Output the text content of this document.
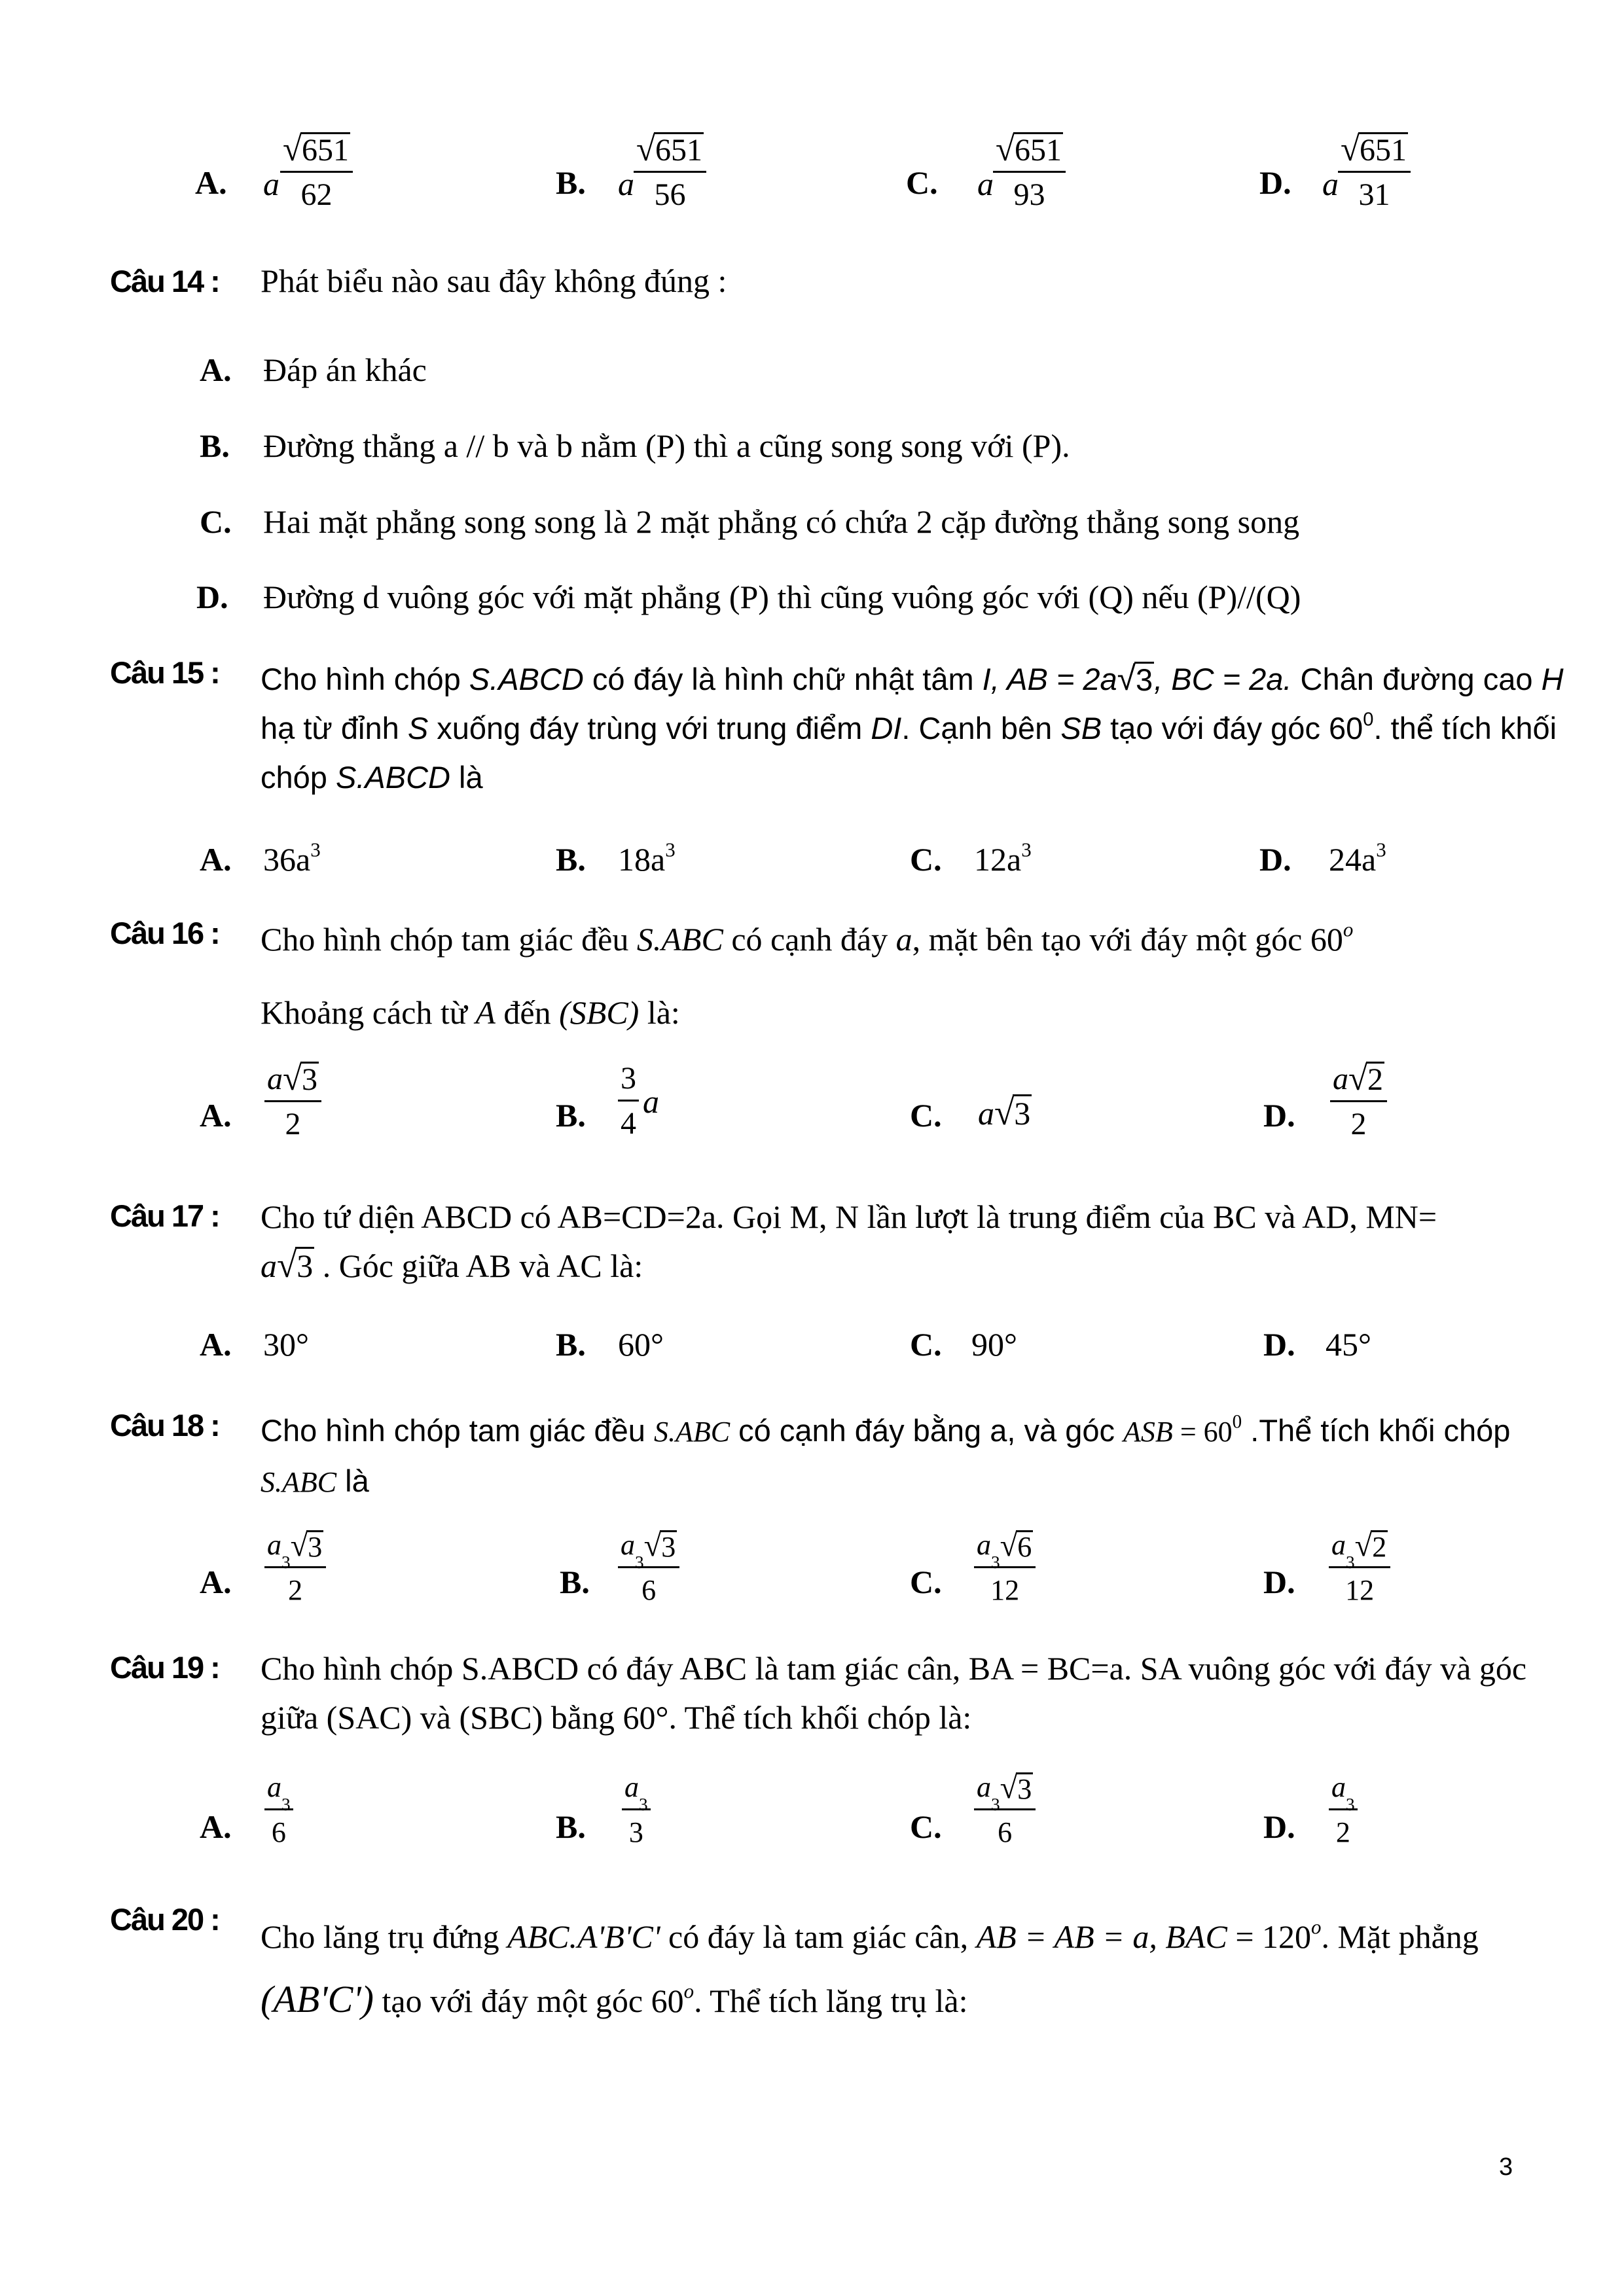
A. a
√ 651
62	B. a
√ 651
56	C. a
√ 651
93	D. a
√ 651
31
Câu 14 : Phát biểu nào sau đây không đúng :

A. Đáp án khác
B. Đường thẳng a // b và b nằm (P) thì a cũng song song với (P).
C. Hai mặt phẳng song song là 2 mặt phẳng có chứa 2 cặp đường thẳng song song
D. Đường d vuông góc với mặt phẳng (P) thì cũng vuông góc với (Q) nếu (P)//(Q)
Câu 15 : Cho hình chóp S.ABCD có đáy là hình chữ nhật tâm I, AB = 2a √ 3 , BC = 2a. Chân đường cao H hạ từ đỉnh S xuống đáy trùng với trung điểm DI. Cạnh bên SB tạo với đáy góc $60^0$. thể tích khối chóp S.ABCD là

A. $36a^3$	B. $18a^3$	C. $12a^3$	D. $24a^3$
Câu 16 : Cho hình chóp tam giác đều S.ABC có cạnh đáy a, mặt bên tạo với đáy một góc 60$^o$

Khoảng cách từ A đến (SBC) là:

A.
a √ 3
2	B. $\frac{3}{4}$ a	C. a √ 3	D.
a √ 2
2
Câu 17 : Cho tứ diện ABCD có AB=CD=2a. Gọi M, N lần lượt là trung điểm của BC và AD, MN=
a √ 3 . Góc giữa AB và AC là:

A. 30°	B. 60°	C. 90°	D. 45°
Câu 18 : Cho hình chóp tam giác đều S.ABC có cạnh đáy bằng a, và góc ASB = $60^0$ .Thể tích khối chóp S.ABC là

A.
a
3 √ 3
2	B.
a
3 √ 3
6	C.
a
3 √ 6
12	D.
a
3 √ 2
12
Câu 19 : Cho hình chóp S.ABCD có đáy ABC là tam giác cân, BA = BC=a. SA vuông góc với đáy và góc giữa (SAC) và (SBC) bằng 60°. Thể tích khối chóp là:

A.
a
3
6	B.
a
3
3	C.
a
3 √ 3
6	D.
a
3
2
Câu 20 : Cho lăng trụ đứng ABC.A'B'C' có đáy là tam giác cân, AB = AB = a, BAC = $120^o$. Mặt phẳng (AB'C') tạo với đáy một góc 60$^o$. Thể tích lăng trụ là:

3
